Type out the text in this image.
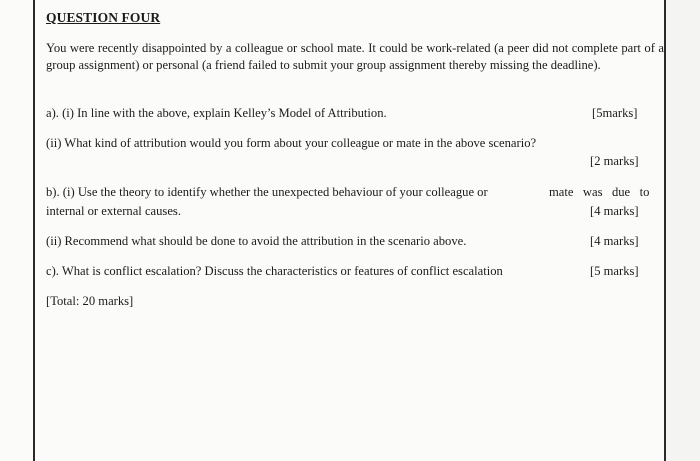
QUESTION FOUR
You were recently disappointed by a colleague or school mate. It could be work-related (a peer did not complete part of a group assignment) or personal (a friend failed to submit your group assignment thereby missing the deadline).
a). (i) In line with the above, explain Kelley’s Model of Attribution.	[5marks]
(ii) What kind of attribution would you form about your colleague or mate in the above scenario?
[2 marks]
b). (i) Use the theory to identify whether the unexpected behaviour of your colleague or	mate   was   due   to
internal or external causes.	[4 marks]
(ii) Recommend what should be done to avoid the attribution in the scenario above.	[4 marks]
c). What is conflict escalation? Discuss the characteristics or features of conflict escalation	[5 marks]
[Total: 20 marks]
